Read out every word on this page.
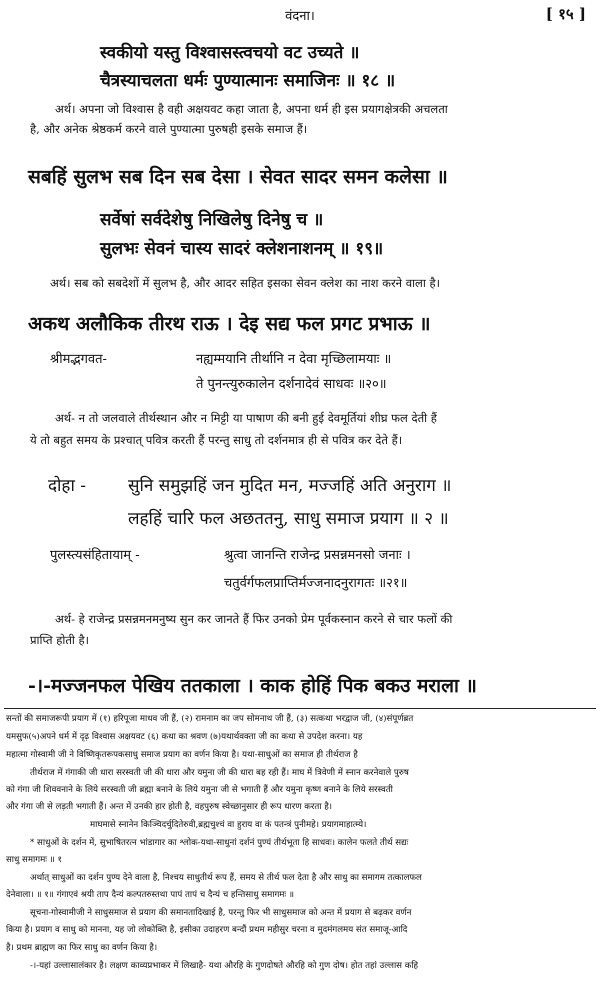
वंदना।	[ १५ ]
स्वकीयो यस्तु विश्वासस्त्वचयो वट उच्यते ॥
चैत्रस्याचलता धर्मः पुण्यात्मानः समाजिनः ॥ १८ ॥
अर्थ। अपना जो विश्वास है वही अक्षयवट कहा जाता है, अपना धर्म ही इस प्रयागक्षेत्रकी अचलता
है, और अनेक श्रेष्ठकर्म करने वाले पुण्यात्मा पुरुषही इसके समाज हैं।
सबहिं सुलभ सब दिन सब देसा । सेवत सादर समन कलेसा ॥
सर्वेषां सर्वदेशेषु निखिलेषु दिनेषु च ॥
सुलभः सेवनं चास्य सादरं क्लेशनाशनम् ॥ १९॥
अर्थ। सब को सबदेशों में सुलभ है, और आदर सहित इसका सेवन क्लेश का नाश करने वाला है।
अकथ अलौकिक तीरथ राऊ । देइ सद्य फल प्रगट प्रभाऊ ॥
श्रीमद्भगवत-	नह्यम्मयानि तीर्थानि न देवा मृच्छिलामयाः ॥
ते पुनन्त्युरुकालेन दर्शनादेवं साधवः ॥२०॥
अर्थ- न तो जलवाले तीर्थस्थान और न मिट्टी या पाषाण की बनी हुई देवमूर्तियां शीघ्र फल देती हैं
ये तो बहुत समय के प्रश्चात् पवित्र करती हैं परन्तु साधु तो दर्शनमात्र ही से पवित्र कर देते हैं।
दोहा - सुनि समुझहिं जन मुदित मन, मज्जहिं अति अनुराग ॥
लहहिं चारि फल अछततनु, साधु समाज प्रयाग ॥ २ ॥
पुलस्त्यसंहितायाम् -	श्रुत्वा जानन्ति राजेन्द्र प्रसन्नमनसो जनाः ।
चतुर्वर्गफलप्राप्तिर्मज्जनादनुरागतः ॥२१॥
अर्थ- हे राजेन्द्र प्रसन्नमनमनुष्य सुन कर जानते हैं फिर उनको प्रेम पूर्वकस्नान करने से चार फलों की
प्राप्ति होती है।
-।-मज्जनफल पेखिय ततकाला । काक होहिं पिक बकउ मराला ॥
सन्तों की समाजरूपी प्रयाग में (१) हरिपूजा माधव जी हैं, (२) रामनाम का जप सोमनाथ जी हैं, (३) सत्कथा भरद्वाज जी, (४)संपूर्णब्रत
यमसुफ(५)अपने धर्म में दृढ़ विश्वास अक्षयवट (६) कथा का श्रवण (७)यथार्थवक्ता जी का कथा से उपदेश करना। यह
महात्मा गोस्वामी जी ने विष्णिकृतरूपकसाधु समाज प्रयाग का वर्णन किया है। यथा-साधुओं का समाज ही तीर्थराज है
तीर्थराज में गंगाकी जी धारा सरस्वती जी की धारा और यमुना जी की धारा बह रही हैं। माघ में त्रिवेणी में स्नान करनेवाले पुरुष
को गंगा जी शिववनाने के लिये सरस्वती जी ब्रह्मा बनाने के लिये यमुना जी से भगाती हैं और यमुना कृष्ण बनाने के लिये सरस्वती
और गंगा जी से लड़ती भगाती हैं। अन्त में उनकी हार होती है, वहपुरुष स्वेच्छानुसार ही रूप धारण करता है।
माघमासे स्नानेन किञ्चिदर्चुदितेरुवी,ब्रह्मचुश्चं वा हुराय वा कं पतन्त्रं पुनीमहे। प्रयागमाहात्म्ये।
* साधुओं के दर्शन में, सुभाषितरत्न भांडागार का श्लोक-यथा-साधुनां दर्शनं पुण्यं तीर्थभूता हि साधवः। कालेन फलते तीर्थ सद्यः
साधु समागमः ॥ १
अर्थात् साधुओं का दर्शन पुण्य देने वाला है, निश्चय साधुतीर्थ रूप हैं, समय से तीर्थ फल देता है और साधु का समागम तत्कालफल
देनेवाला। ॥ १॥ गंगाएवं श्रयी ताप दैन्यं कल्पतरुस्तथा पापं तापं च दैन्यं च हन्तिसाधु समागमः ॥
सूचना-गोस्वामीजी ने साधुसमाज से प्रयाग की समानतादिखाई है, परन्तु फिर भी साधुसमाज को अन्त में प्रयाग से बढ़कर वर्णन
किया है। प्रयाग व साधु को मानना, यह जो लोकोक्ति है, इसीका उदाहरण बन्दौं प्रथम महीसुर चरना व मुदमंगलमय संत समाजू-आदि
है। प्रथम ब्राह्मण का फिर साधु का वर्णन किया है।
-।-यहां उल्लासालंकार है। लक्षण काव्यप्रभाकर में लिखाहै- यथा औरहि के गुणदोषते औरहि को गुण दोष। होत तहां उल्लास कहि
